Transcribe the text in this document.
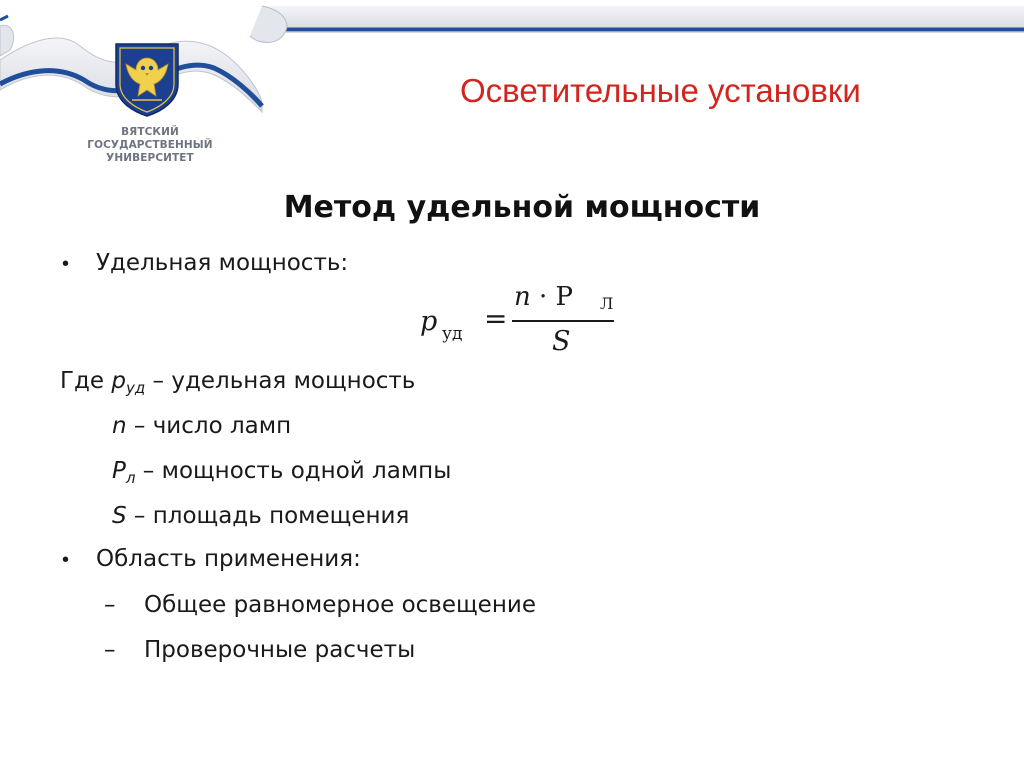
ВЯТСКИЙ
ГОСУДАРСТВЕННЫЙ
УНИВЕРСИТЕТ
Осветительные установки
Метод удельной мощности
• Удельная мощность:
p уд =
n · P Л
S
Где $p_{уд}$ – удельная мощность
n – число ламп
$P_л$ – мощность одной лампы
S – площадь помещения
• Область применения:
– Общее равномерное освещение
– Проверочные расчеты
